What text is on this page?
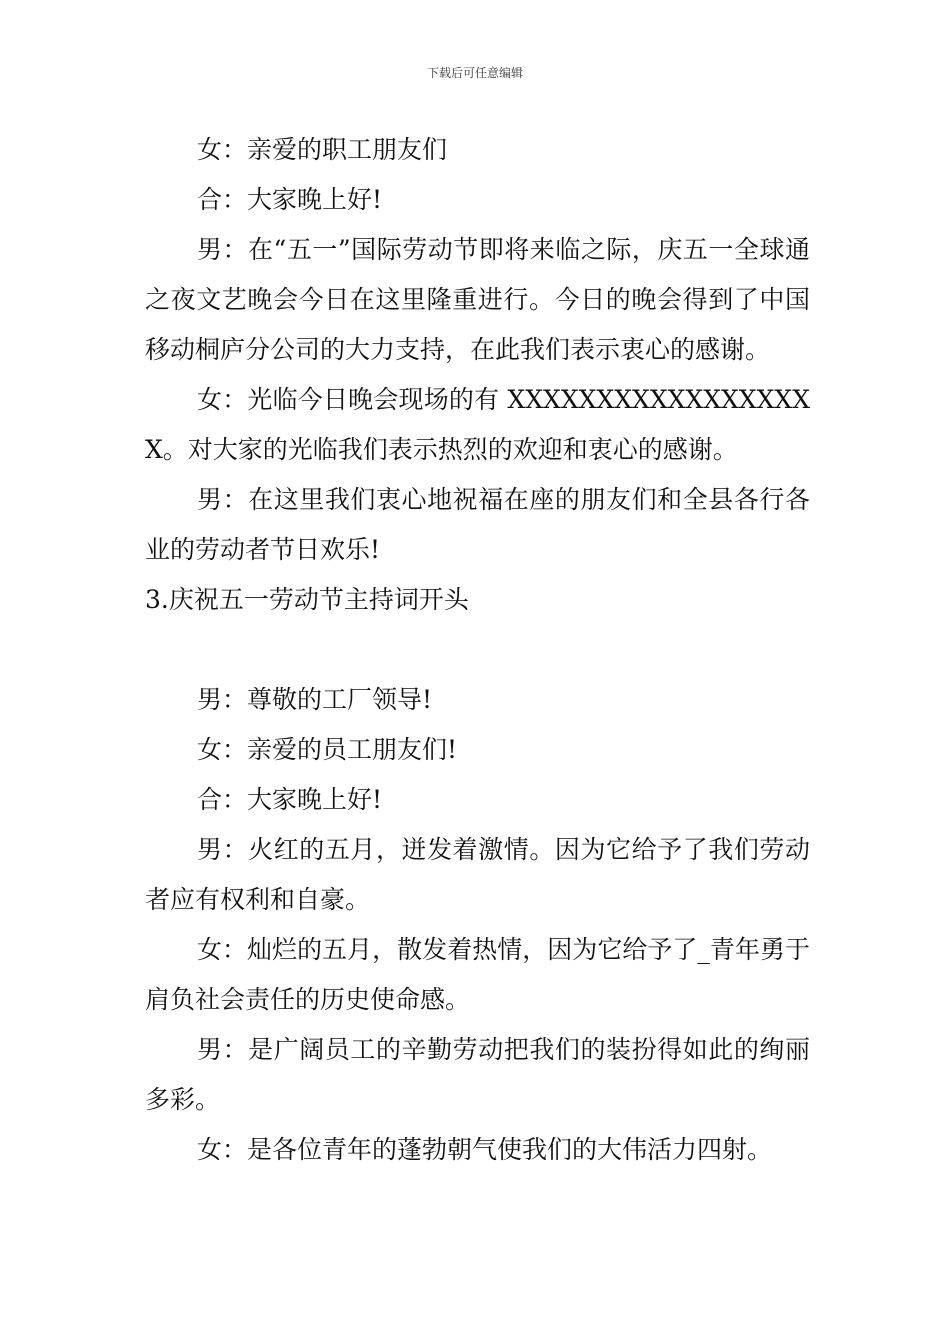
下载后可任意编辑

女：亲爱的职工朋友们

合：大家晚上好!

男：在“五一”国际劳动节即将来临之际，庆五一全球通之夜文艺晚会今日在这里隆重进行。今日的晚会得到了中国移动桐庐分公司的大力支持，在此我们表示衷心的感谢。

女：光临今日晚会现场的有 XXXXXXXXXXXXXXXXXX。对大家的光临我们表示热烈的欢迎和衷心的感谢。

男：在这里我们衷心地祝福在座的朋友们和全县各行各业的劳动者节日欢乐!

3.庆祝五一劳动节主持词开头

男：尊敬的工厂领导!

女：亲爱的员工朋友们!

合：大家晚上好!

男：火红的五月，迸发着激情。因为它给予了我们劳动者应有权利和自豪。

女：灿烂的五月，散发着热情，因为它给予了_青年勇于肩负社会责任的历史使命感。

男：是广阔员工的辛勤劳动把我们的装扮得如此的绚丽多彩。

女：是各位青年的蓬勃朝气使我们的大伟活力四射。
